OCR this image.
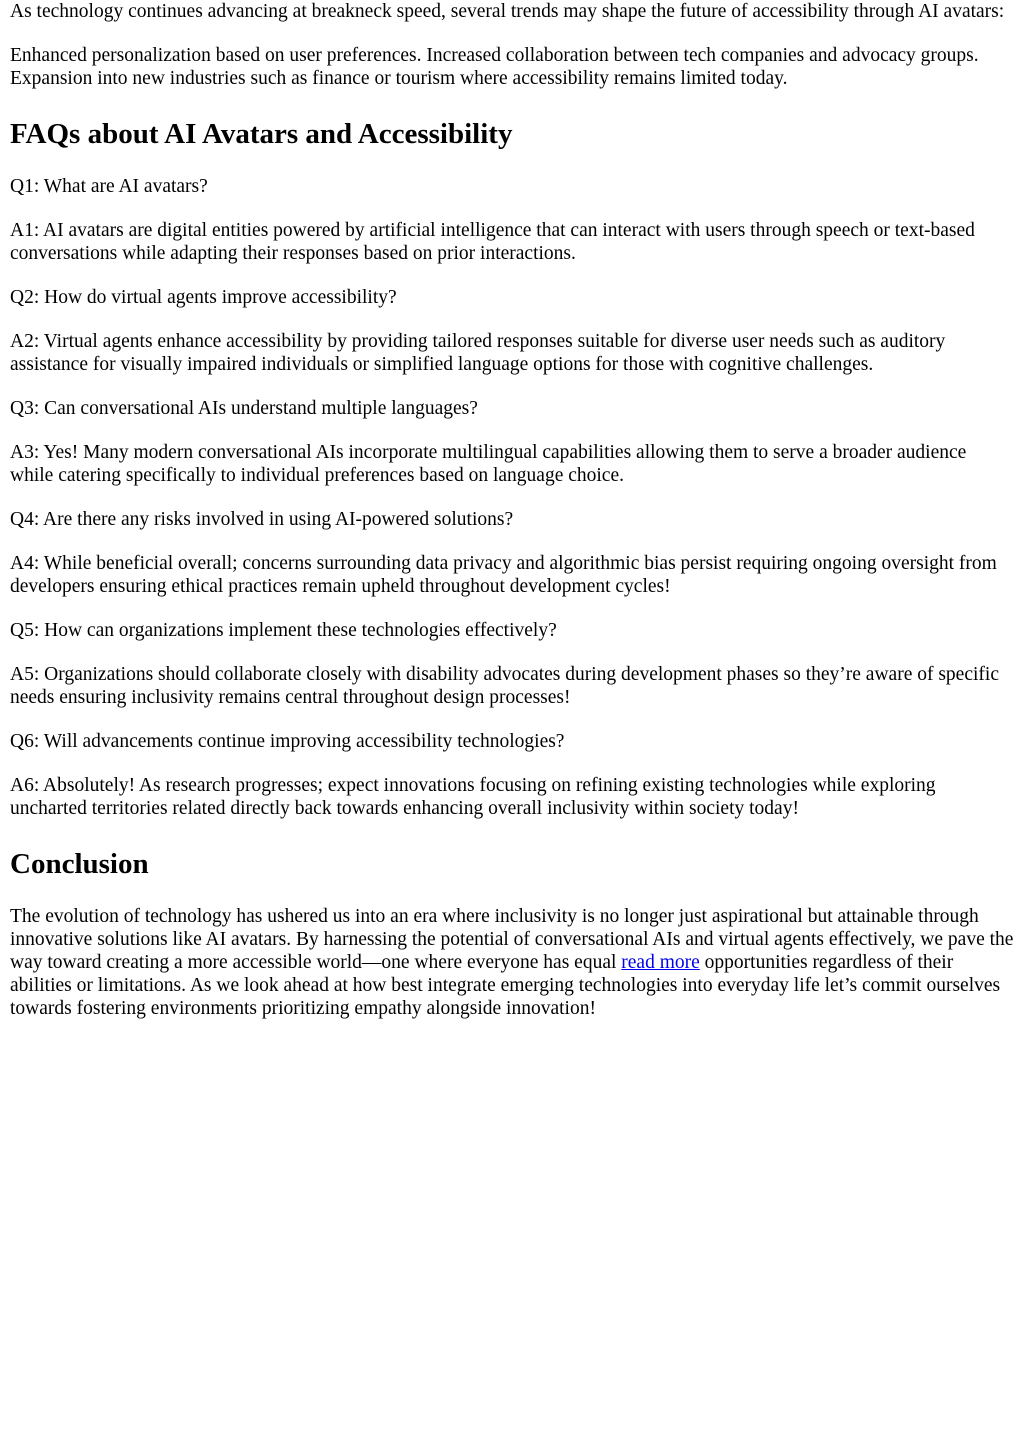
As technology continues advancing at breakneck speed, several trends may shape the future of accessibility through AI avatars:

Enhanced personalization based on user preferences. Increased collaboration between tech companies and advocacy groups. Expansion into new industries such as finance or tourism where accessibility remains limited today.

FAQs about AI Avatars and Accessibility

Q1: What are AI avatars?

A1: AI avatars are digital entities powered by artificial intelligence that can interact with users through speech or text-based conversations while adapting their responses based on prior interactions.

Q2: How do virtual agents improve accessibility?

A2: Virtual agents enhance accessibility by providing tailored responses suitable for diverse user needs such as auditory assistance for visually impaired individuals or simplified language options for those with cognitive challenges.

Q3: Can conversational AIs understand multiple languages?

A3: Yes! Many modern conversational AIs incorporate multilingual capabilities allowing them to serve a broader audience while catering specifically to individual preferences based on language choice.

Q4: Are there any risks involved in using AI-powered solutions?

A4: While beneficial overall; concerns surrounding data privacy and algorithmic bias persist requiring ongoing oversight from developers ensuring ethical practices remain upheld throughout development cycles!

Q5: How can organizations implement these technologies effectively?

A5: Organizations should collaborate closely with disability advocates during development phases so they’re aware of specific needs ensuring inclusivity remains central throughout design processes!

Q6: Will advancements continue improving accessibility technologies?

A6: Absolutely! As research progresses; expect innovations focusing on refining existing technologies while exploring uncharted territories related directly back towards enhancing overall inclusivity within society today!

Conclusion

The evolution of technology has ushered us into an era where inclusivity is no longer just aspirational but attainable through innovative solutions like AI avatars. By harnessing the potential of conversational AIs and virtual agents effectively, we pave the way toward creating a more accessible world—one where everyone has equal read more opportunities regardless of their abilities or limitations. As we look ahead at how best integrate emerging technologies into everyday life let’s commit ourselves towards fostering environments prioritizing empathy alongside innovation!
